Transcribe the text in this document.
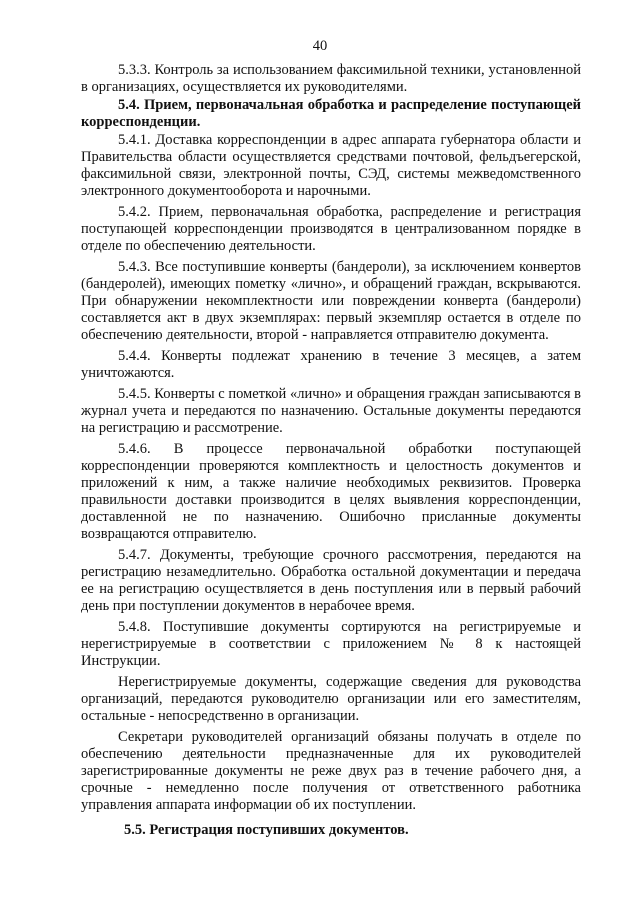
40

5.3.3. Контроль за использованием факсимильной техники, установленной в организациях, осуществляется их руководителями.

5.4. Прием, первоначальная обработка и распределение поступающей корреспонденции.

5.4.1. Доставка корреспонденции в адрес аппарата губернатора области и Правительства области осуществляется средствами почтовой, фельдъегерской, факсимильной связи, электронной почты, СЭД, системы межведомственного электронного документооборота и нарочными.

5.4.2. Прием, первоначальная обработка, распределение и регистрация поступающей корреспонденции производятся в централизованном порядке в отделе по обеспечению деятельности.

5.4.3. Все поступившие конверты (бандероли), за исключением конвертов (бандеролей), имеющих пометку «лично», и обращений граждан, вскрываются. При обнаружении некомплектности или повреждении конверта (бандероли) составляется акт в двух экземплярах: первый экземпляр остается в отделе по обеспечению деятельности, второй - направляется отправителю документа.

5.4.4. Конверты подлежат хранению в течение 3 месяцев, а затем уничтожаются.

5.4.5. Конверты с пометкой «лично» и обращения граждан записываются в журнал учета и передаются по назначению. Остальные документы передаются на регистрацию и рассмотрение.

5.4.6. В процессе первоначальной обработки поступающей корреспонденции проверяются комплектность и целостность документов и приложений к ним, а также наличие необходимых реквизитов. Проверка правильности доставки производится в целях выявления корреспонденции, доставленной не по назначению. Ошибочно присланные документы возвращаются отправителю.

5.4.7. Документы, требующие срочного рассмотрения, передаются на регистрацию незамедлительно. Обработка остальной документации и передача ее на регистрацию осуществляется в день поступления или в первый рабочий день при поступлении документов в нерабочее время.

5.4.8. Поступившие документы сортируются на регистрируемые и нерегистрируемые в соответствии с приложением № 8 к настоящей Инструкции.

Нерегистрируемые документы, содержащие сведения для руководства организаций, передаются руководителю организации или его заместителям, остальные - непосредственно в организации.

Секретари руководителей организаций обязаны получать в отделе по обеспечению деятельности предназначенные для их руководителей зарегистрированные документы не реже двух раз в течение рабочего дня, а срочные - немедленно после получения от ответственного работника управления аппарата информации об их поступлении.

5.5. Регистрация поступивших документов.
